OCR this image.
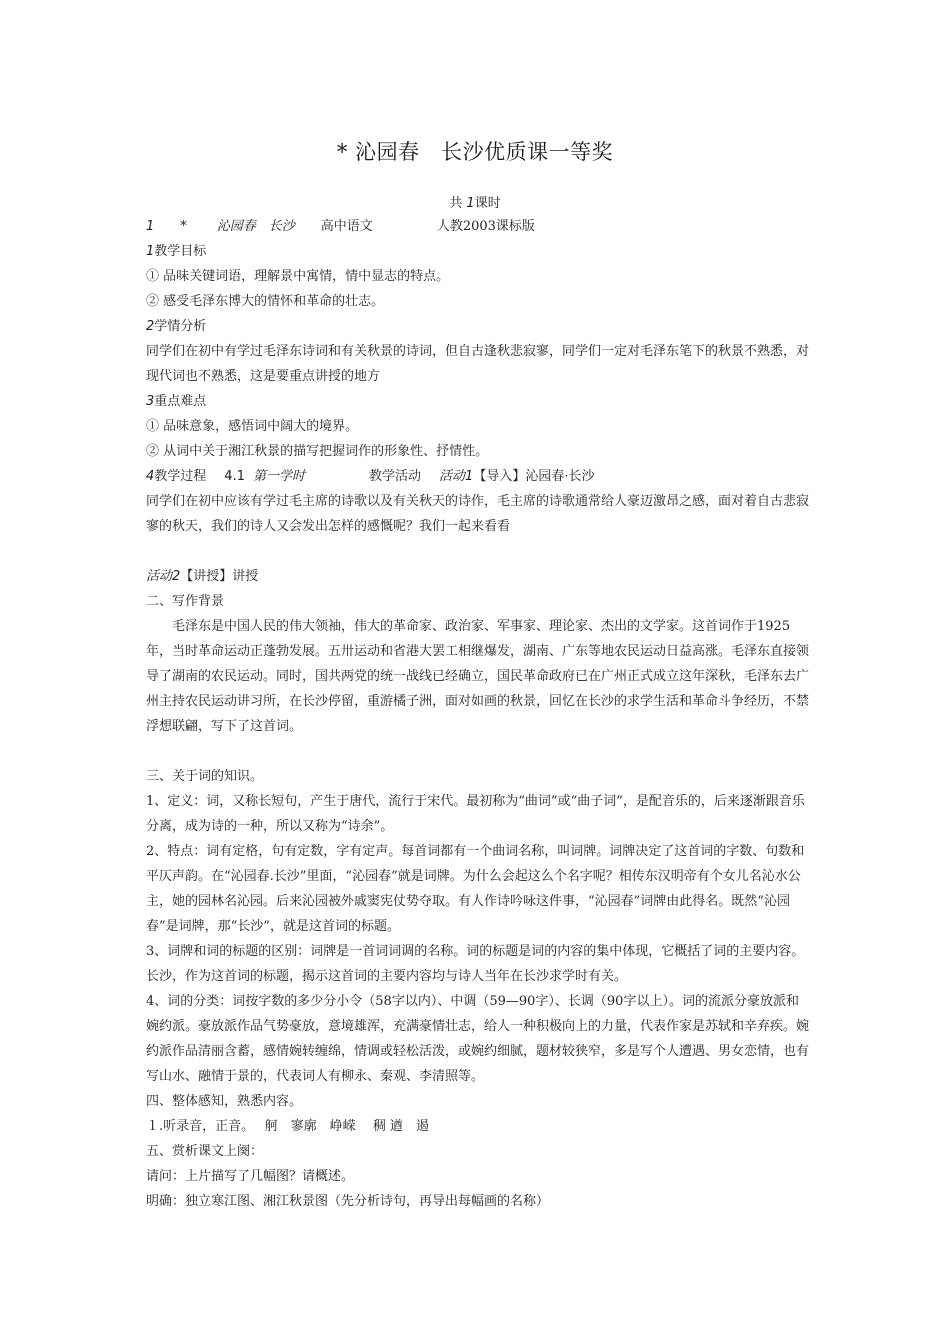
* 沁园春　长沙优质课一等奖
共 1课时

1 * 沁园春　长沙 高中语文	人教2003课标版

1教学目标

① 品味关键词语，理解景中寓情，情中显志的特点。

② 感受毛泽东博大的情怀和革命的壮志。

2学情分析

同学们在初中有学过毛泽东诗词和有关秋景的诗词，但自古逢秋悲寂寥，同学们一定对毛泽东笔下的秋景不熟悉，对现代词也不熟悉，这是要重点讲授的地方

3重点难点

① 品味意象，感悟词中阔大的境界。

② 从词中关于湘江秋景的描写把握词作的形象性、抒情性。

4教学过程 4.1 第一学时	教学活动 活动1【导入】沁园春·长沙

同学们在初中应该有学过毛主席的诗歌以及有关秋天的诗作，毛主席的诗歌通常给人豪迈激昂之感，面对着自古悲寂寥的秋天，我们的诗人又会发出怎样的感慨呢？我们一起来看看

活动2【讲授】讲授

二、写作背景

毛泽东是中国人民的伟大领袖，伟大的革命家、政治家、军事家、理论家、杰出的文学家。这首词作于1925年，当时革命运动正蓬勃发展。五卅运动和省港大罢工相继爆发，湖南、广东等地农民运动日益高涨。毛泽东直接领导了湖南的农民运动。同时，国共两党的统一战线已经确立，国民革命政府已在广州正式成立这年深秋，毛泽东去广州主持农民运动讲习所，在长沙停留，重游橘子洲，面对如画的秋景，回忆在长沙的求学生活和革命斗争经历，不禁浮想联翩，写下了这首词。

三、关于词的知识。

1、定义：词，又称长短句，产生于唐代，流行于宋代。最初称为“曲词”或“曲子词”，是配音乐的，后来逐渐跟音乐分离，成为诗的一种，所以又称为“诗余”。

2、特点：词有定格，句有定数，字有定声。每首词都有一个曲词名称，叫词牌。词牌决定了这首词的字数、句数和平仄声韵。在“沁园春.长沙”里面，“沁园春”就是词牌。为什么会起这么个名字呢？相传东汉明帝有个女儿名沁水公主，她的园林名沁园。后来沁园被外戚窦宪仗势夺取。有人作诗吟咏这件事，“沁园春”词牌由此得名。既然“沁园春”是词牌，那“长沙”，就是这首词的标题。

3、词牌和词的标题的区别：词牌是一首词词调的名称。词的标题是词的内容的集中体现，它概括了词的主要内容。长沙，作为这首词的标题，揭示这首词的主要内容均与诗人当年在长沙求学时有关。

4、词的分类：词按字数的多少分小令（58字以内）、中调（59—90字）、长调（90字以上）。词的流派分豪放派和婉约派。豪放派作品气势豪放，意境雄浑，充满豪情壮志，给人一种积极向上的力量，代表作家是苏轼和辛弃疾。婉约派作品清丽含蓄，感情婉转缠绵，情调或轻松活泼，或婉约细腻，题材较狭窄，多是写个人遭遇、男女恋情，也有写山水、融情于景的，代表词人有柳永、秦观、李清照等。

四、整体感知，熟悉内容。

１.听录音，正音。　 舸　寥廓　峥嵘　 稠 遒　遏

五、赏析课文上阕：

请问：上片描写了几幅图？请概述。

明确：独立寒江图、湘江秋景图（先分析诗句，再导出每幅画的名称）
